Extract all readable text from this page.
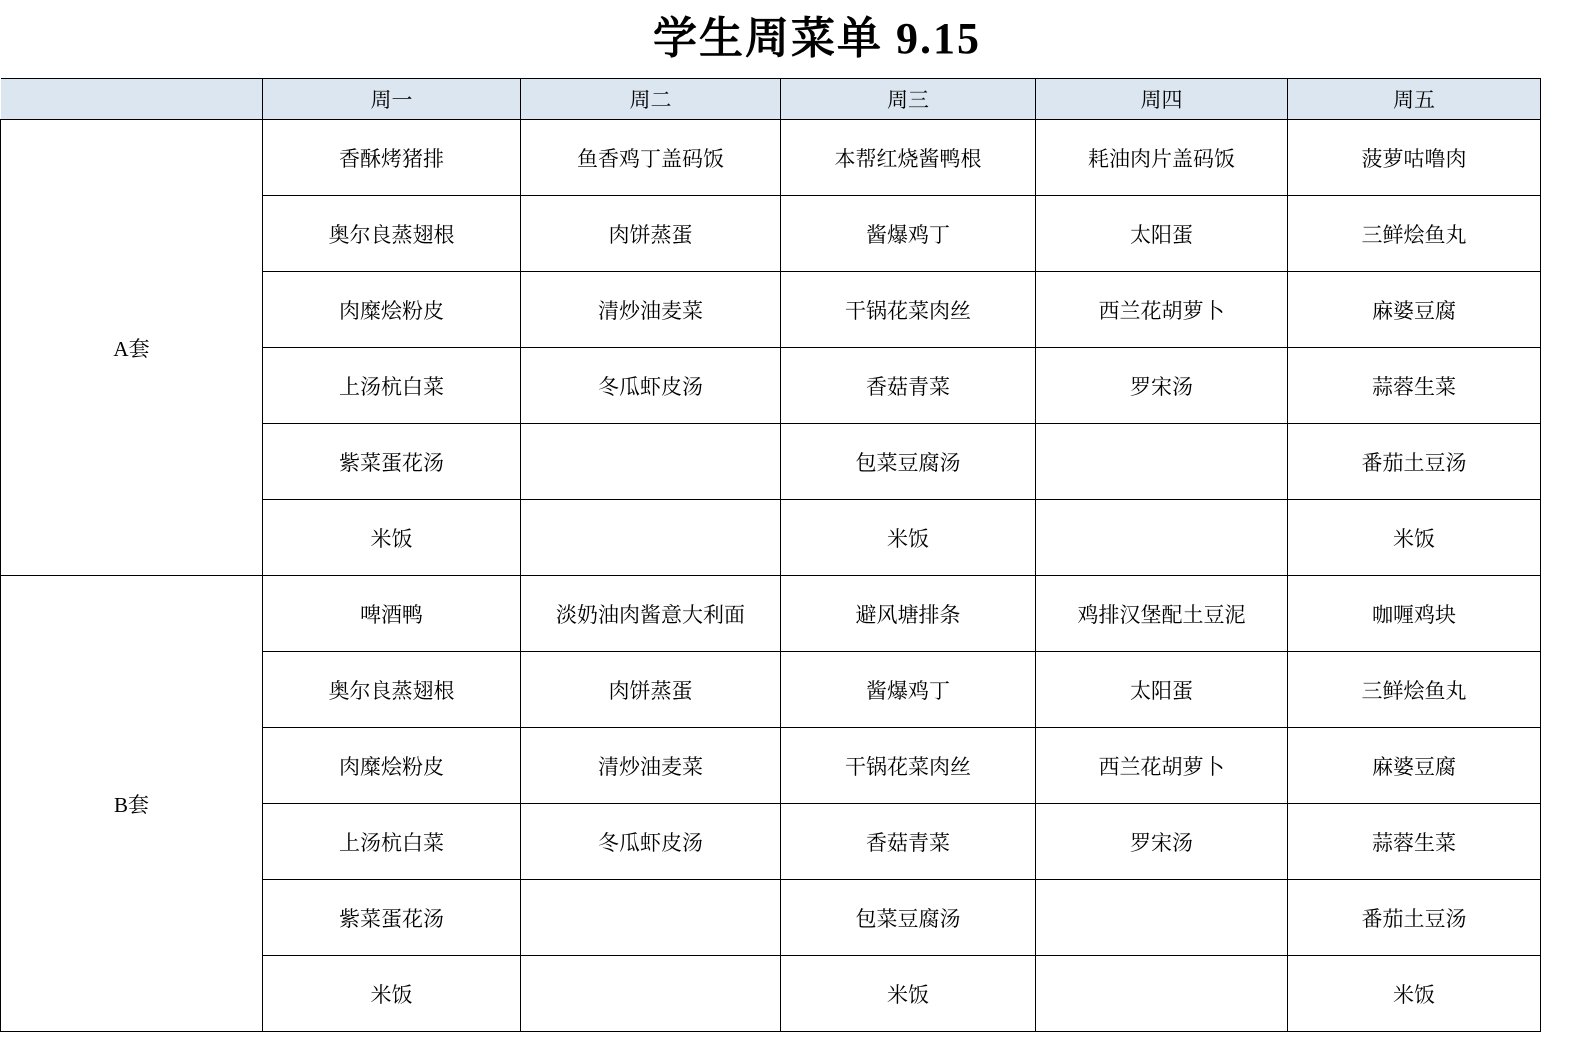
学生周菜单 9.15
	周一	周二	周三	周四	周五
A套	香酥烤猪排	鱼香鸡丁盖码饭	本帮红烧酱鸭根	耗油肉片盖码饭	菠萝咕噜肉
	奥尔良蒸翅根	肉饼蒸蛋	酱爆鸡丁	太阳蛋	三鲜烩鱼丸
	肉糜烩粉皮	清炒油麦菜	干锅花菜肉丝	西兰花胡萝卜	麻婆豆腐
	上汤杭白菜	冬瓜虾皮汤	香菇青菜	罗宋汤	蒜蓉生菜
	紫菜蛋花汤		包菜豆腐汤		番茄土豆汤
	米饭		米饭		米饭
B套	啤酒鸭	淡奶油肉酱意大利面	避风塘排条	鸡排汉堡配土豆泥	咖喱鸡块
	奥尔良蒸翅根	肉饼蒸蛋	酱爆鸡丁	太阳蛋	三鲜烩鱼丸
	肉糜烩粉皮	清炒油麦菜	干锅花菜肉丝	西兰花胡萝卜	麻婆豆腐
	上汤杭白菜	冬瓜虾皮汤	香菇青菜	罗宋汤	蒜蓉生菜
	紫菜蛋花汤		包菜豆腐汤		番茄土豆汤
	米饭		米饭		米饭
